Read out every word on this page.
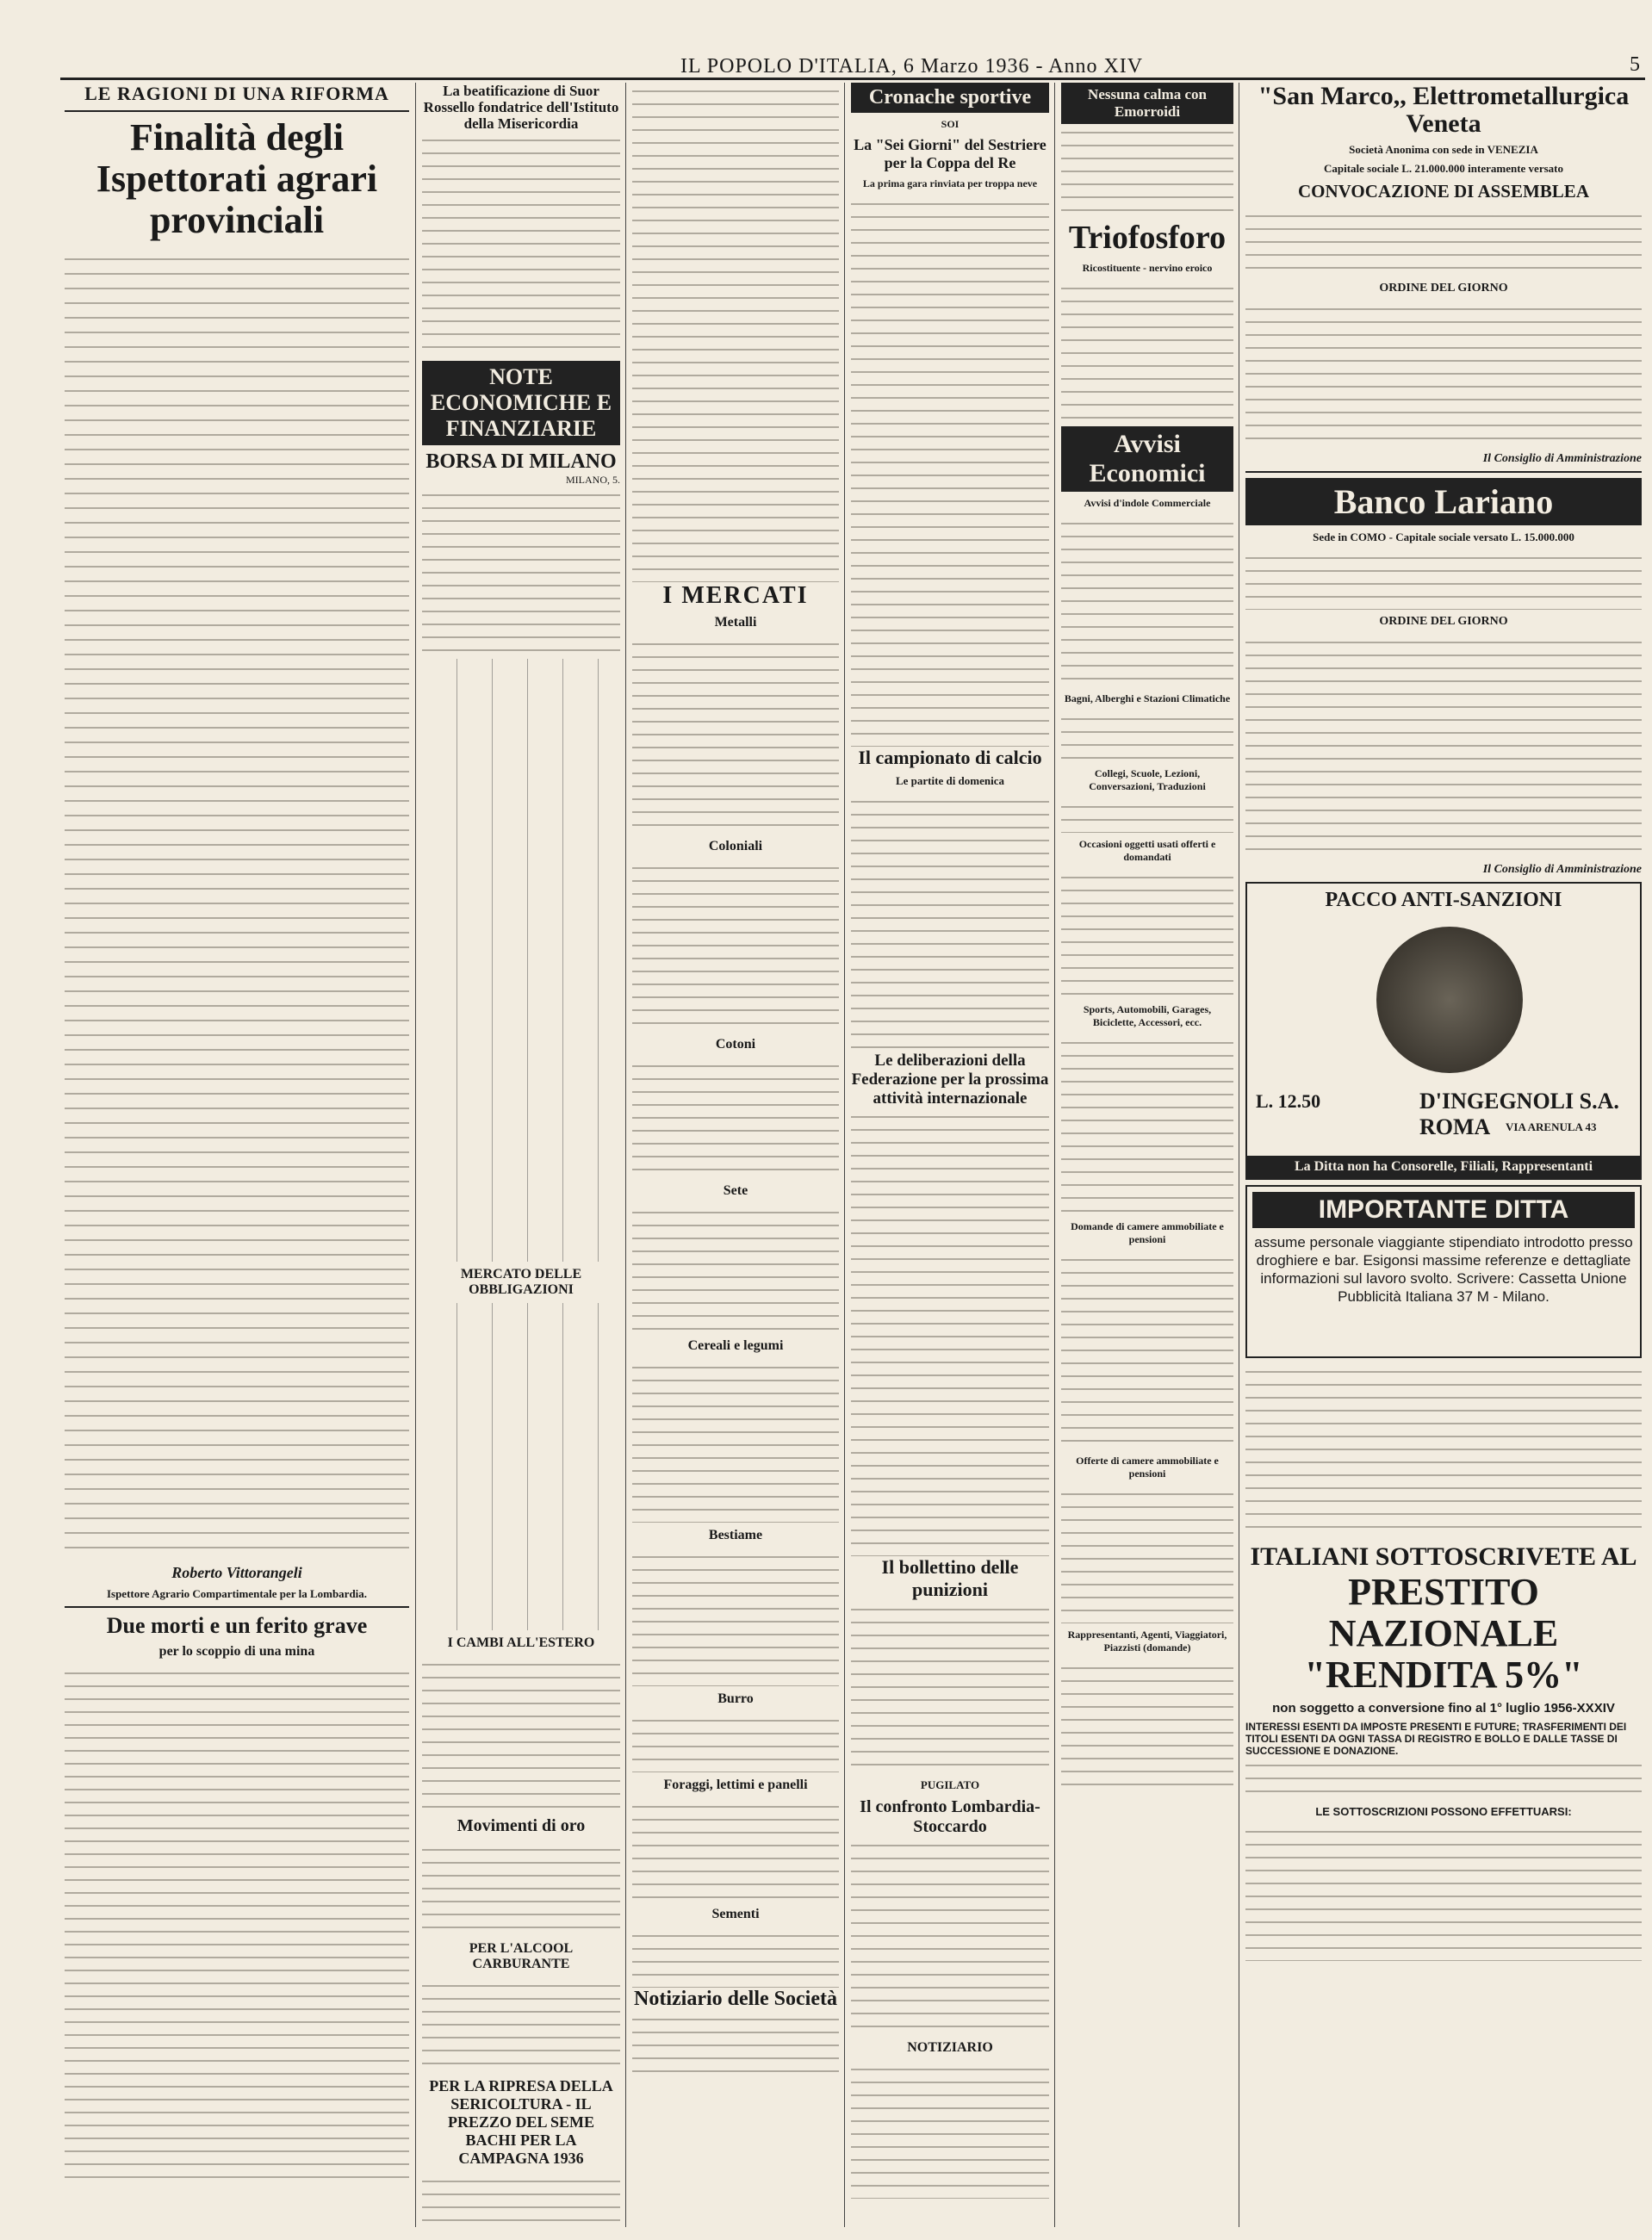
IL POPOLO D'ITALIA, 6 Marzo 1936 - Anno XIV	5
LE RAGIONI DI UNA RIFORMA
Finalità degli Ispettorati agrari provinciali
Roberto Vittorangeli
Ispettore Agrario Compartimentale per la Lombardia.
Due morti e un ferito grave
per lo scoppio di una mina
La beatificazione di Suor Rossello fondatrice dell'Istituto della Misericordia
NOTE ECONOMICHE E FINANZIARIE
BORSA DI MILANO
MILANO, 5.
MERCATO DELLE OBBLIGAZIONI
I CAMBI ALL'ESTERO
Movimenti di oro
PER L'ALCOOL CARBURANTE
PER LA RIPRESA DELLA SERICOLTURA - IL PREZZO DEL SEME BACHI PER LA CAMPAGNA 1936
I MERCATI
Metalli
Coloniali
Cotoni
Sete
Cereali e legumi
Bestiame
Burro
Foraggi, lettimi e panelli
Sementi
Notiziario delle Società
Cronache sportive
SOI
La "Sei Giorni" del Sestriere per la Coppa del Re
La prima gara rinviata per troppa neve
Il campionato di calcio
Le partite di domenica
Le deliberazioni della Federazione per la prossima attività internazionale
Il bollettino delle punizioni
PUGILATO
Il confronto Lombardia-Stoccardo
NOTIZIARIO
Nessuna calma con Emorroidi
Triofosforo
Ricostituente - nervino eroico
Avvisi Economici
Avvisi d'indole Commerciale
Bagni, Alberghi e Stazioni Climatiche
Collegi, Scuole, Lezioni, Conversazioni, Traduzioni
Occasioni oggetti usati offerti e domandati
Sports, Automobili, Garages, Biciclette, Accessori, ecc.
Domande di camere ammobiliate e pensioni
Offerte di camere ammobiliate e pensioni
Rappresentanti, Agenti, Viaggiatori, Piazzisti (domande)
"San Marco,, Elettrometallurgica Veneta
Società Anonima con sede in VENEZIA
Capitale sociale L. 21.000.000 interamente versato
CONVOCAZIONE DI ASSEMBLEA
ORDINE DEL GIORNO
Il Consiglio di Amministrazione
Banco Lariano
Sede in COMO - Capitale sociale versato L. 15.000.000
ORDINE DEL GIORNO
Il Consiglio di Amministrazione
PACCO ANTI-SANZIONI
L. 12.50	D'INGEGNOLI S.A. ROMA	VIA ARENULA 43
La Ditta non ha Consorelle, Filiali, Rappresentanti
IMPORTANTE DITTA
assume personale viaggiante stipendiato introdotto presso droghiere e bar. Esigonsi massime referenze e dettagliate informazioni sul lavoro svolto. Scrivere: Cassetta Unione Pubblicità Italiana 37 M - Milano.
ITALIANI SOTTOSCRIVETE AL
PRESTITO NAZIONALE "RENDITA 5%"
non soggetto a conversione fino al 1° luglio 1956-XXXIV
INTERESSI ESENTI DA IMPOSTE PRESENTI E FUTURE; TRASFERIMENTI DEI TITOLI ESENTI DA OGNI TASSA DI REGISTRO E BOLLO E DALLE TASSE DI SUCCESSIONE E DONAZIONE.
LE SOTTOSCRIZIONI POSSONO EFFETTUARSI:
